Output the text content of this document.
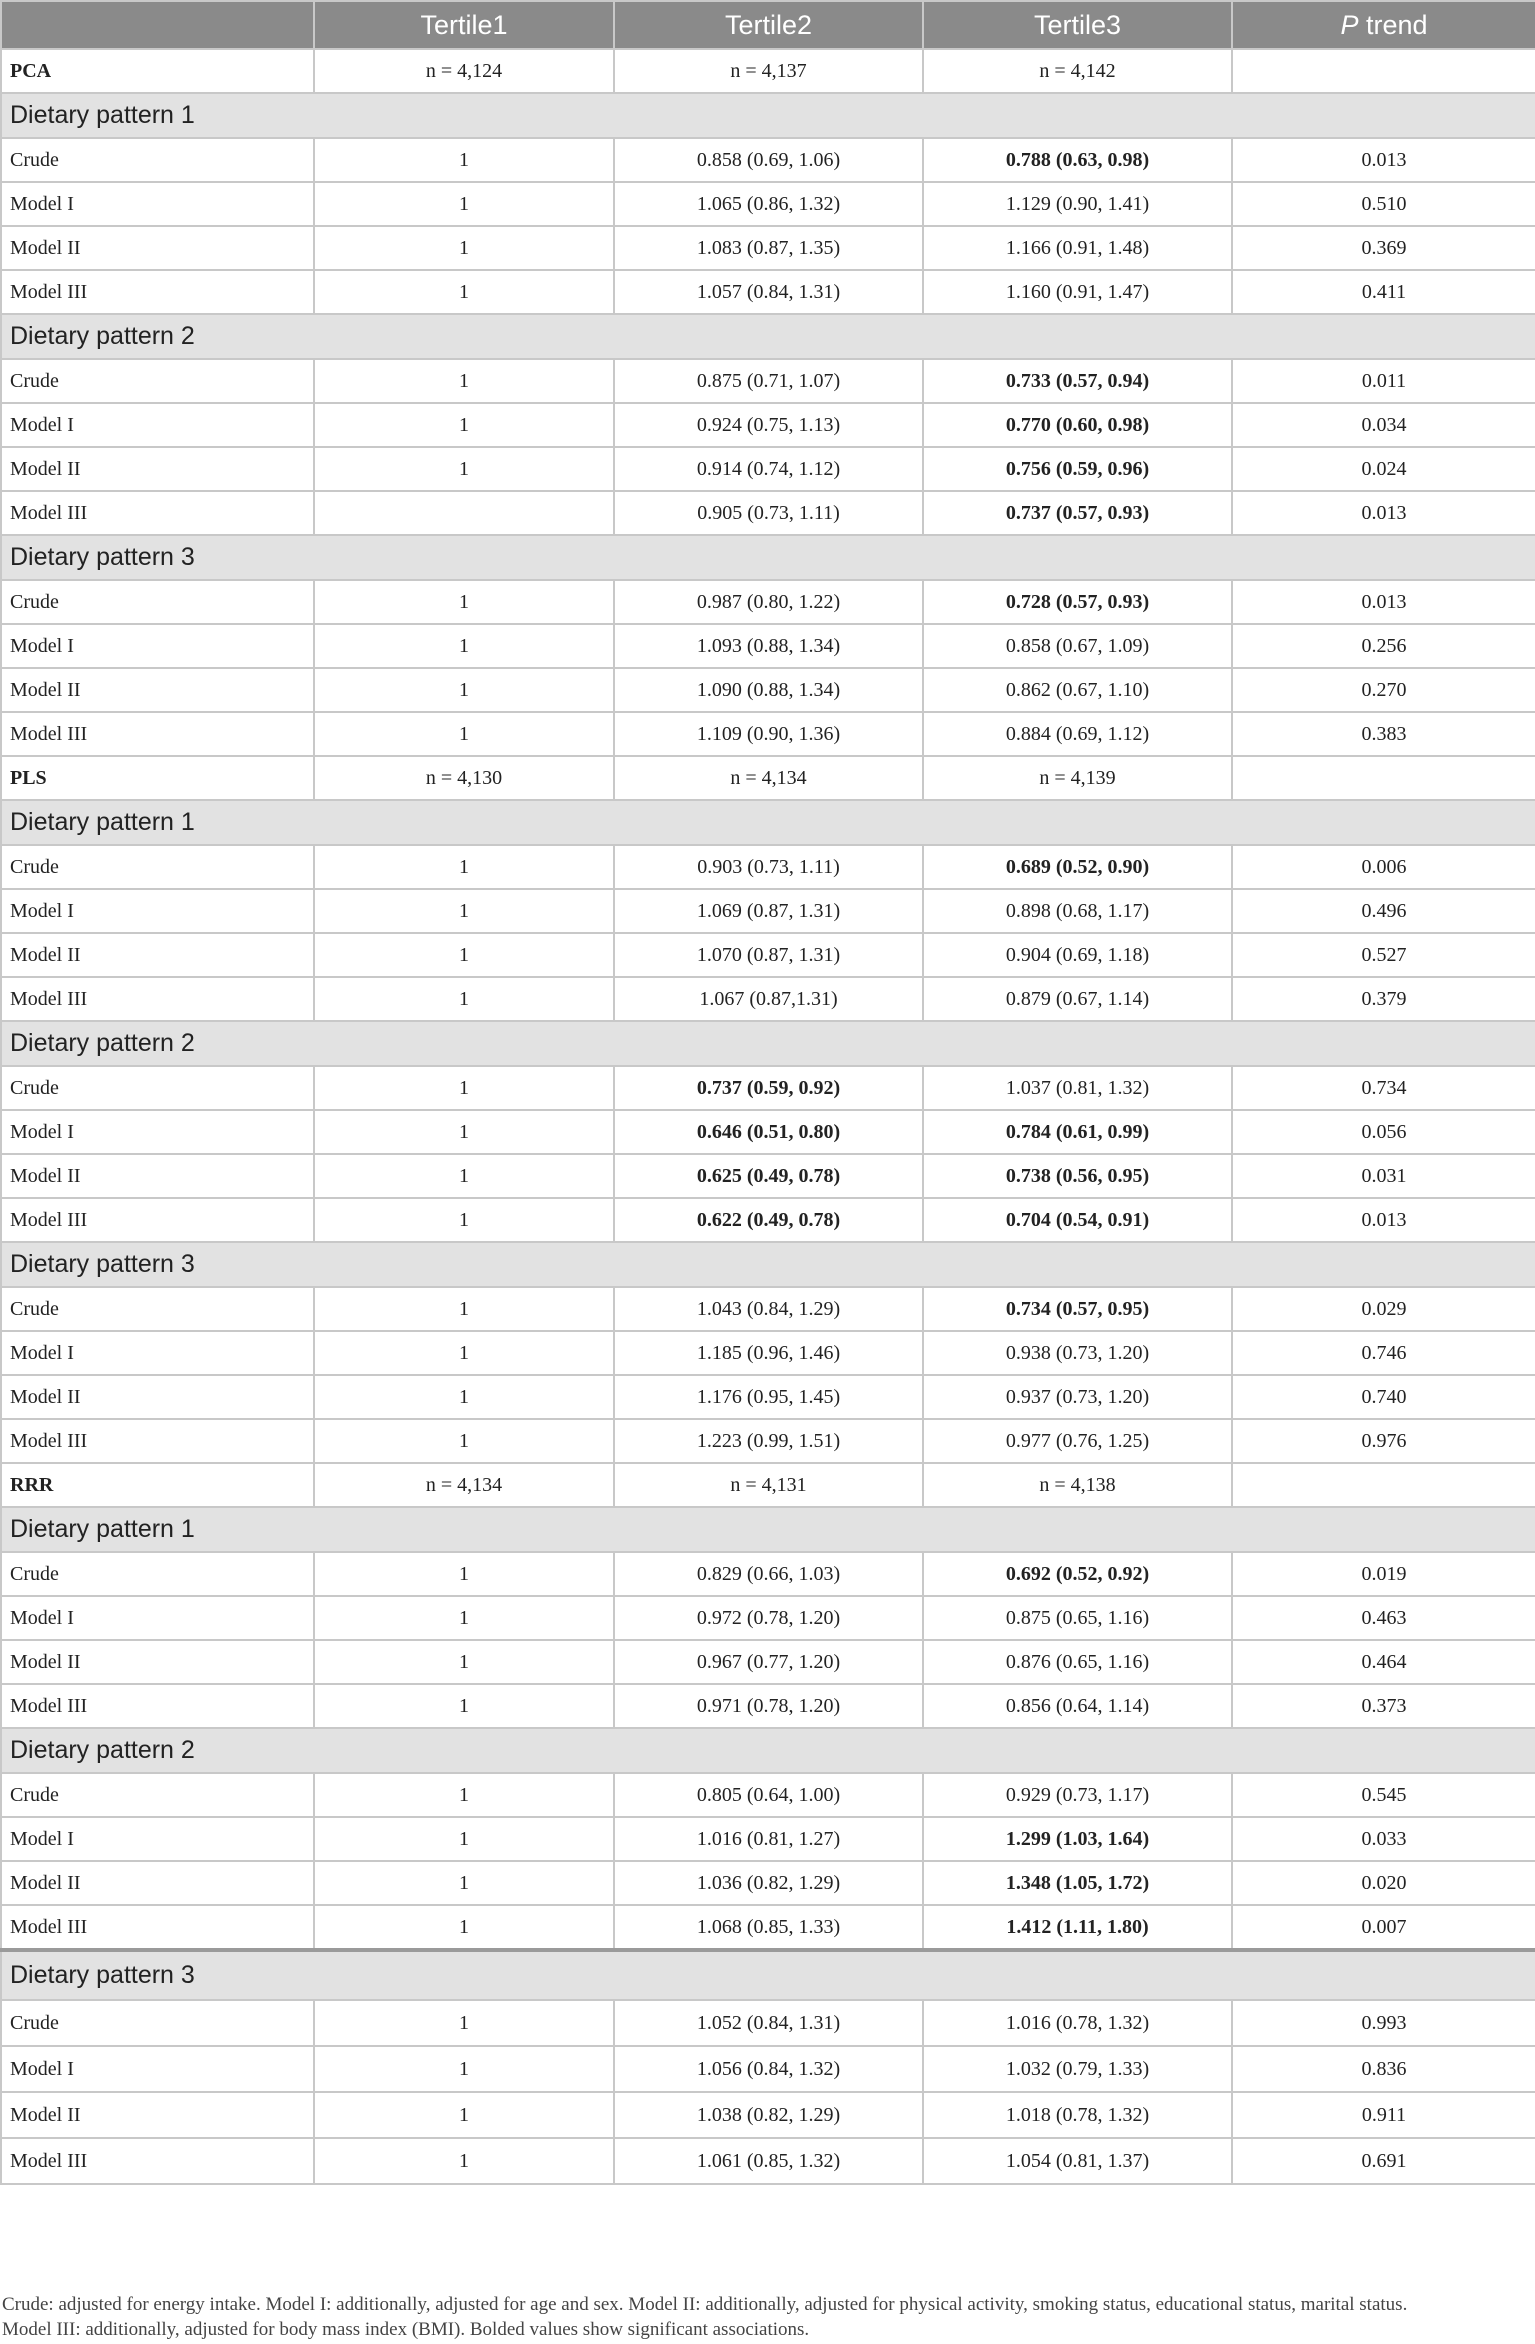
	Tertile1	Tertile2	Tertile3	P trend
PCA	n = 4,124	n = 4,137	n = 4,142	
Dietary pattern 1				
Crude	1	0.858 (0.69, 1.06)	0.788 (0.63, 0.98)	0.013
Model I	1	1.065 (0.86, 1.32)	1.129 (0.90, 1.41)	0.510
Model II	1	1.083 (0.87, 1.35)	1.166 (0.91, 1.48)	0.369
Model III	1	1.057 (0.84, 1.31)	1.160 (0.91, 1.47)	0.411
Dietary pattern 2				
Crude	1	0.875 (0.71, 1.07)	0.733 (0.57, 0.94)	0.011
Model I	1	0.924 (0.75, 1.13)	0.770 (0.60, 0.98)	0.034
Model II	1	0.914 (0.74, 1.12)	0.756 (0.59, 0.96)	0.024
Model III		0.905 (0.73, 1.11)	0.737 (0.57, 0.93)	0.013
Dietary pattern 3				
Crude	1	0.987 (0.80, 1.22)	0.728 (0.57, 0.93)	0.013
Model I	1	1.093 (0.88, 1.34)	0.858 (0.67, 1.09)	0.256
Model II	1	1.090 (0.88, 1.34)	0.862 (0.67, 1.10)	0.270
Model III	1	1.109 (0.90, 1.36)	0.884 (0.69, 1.12)	0.383
PLS	n = 4,130	n = 4,134	n = 4,139	
Dietary pattern 1				
Crude	1	0.903 (0.73, 1.11)	0.689 (0.52, 0.90)	0.006
Model I	1	1.069 (0.87, 1.31)	0.898 (0.68, 1.17)	0.496
Model II	1	1.070 (0.87, 1.31)	0.904 (0.69, 1.18)	0.527
Model III	1	1.067 (0.87,1.31)	0.879 (0.67, 1.14)	0.379
Dietary pattern 2				
Crude	1	0.737 (0.59, 0.92)	1.037 (0.81, 1.32)	0.734
Model I	1	0.646 (0.51, 0.80)	0.784 (0.61, 0.99)	0.056
Model II	1	0.625 (0.49, 0.78)	0.738 (0.56, 0.95)	0.031
Model III	1	0.622 (0.49, 0.78)	0.704 (0.54, 0.91)	0.013
Dietary pattern 3				
Crude	1	1.043 (0.84, 1.29)	0.734 (0.57, 0.95)	0.029
Model I	1	1.185 (0.96, 1.46)	0.938 (0.73, 1.20)	0.746
Model II	1	1.176 (0.95, 1.45)	0.937 (0.73, 1.20)	0.740
Model III	1	1.223 (0.99, 1.51)	0.977 (0.76, 1.25)	0.976
RRR	n = 4,134	n = 4,131	n = 4,138	
Dietary pattern 1				
Crude	1	0.829 (0.66, 1.03)	0.692 (0.52, 0.92)	0.019
Model I	1	0.972 (0.78, 1.20)	0.875 (0.65, 1.16)	0.463
Model II	1	0.967 (0.77, 1.20)	0.876 (0.65, 1.16)	0.464
Model III	1	0.971 (0.78, 1.20)	0.856 (0.64, 1.14)	0.373
Dietary pattern 2				
Crude	1	0.805 (0.64, 1.00)	0.929 (0.73, 1.17)	0.545
Model I	1	1.016 (0.81, 1.27)	1.299 (1.03, 1.64)	0.033
Model II	1	1.036 (0.82, 1.29)	1.348 (1.05, 1.72)	0.020
Model III	1	1.068 (0.85, 1.33)	1.412 (1.11, 1.80)	0.007
Dietary pattern 3				
Crude	1	1.052 (0.84, 1.31)	1.016 (0.78, 1.32)	0.993
Model I	1	1.056 (0.84, 1.32)	1.032 (0.79, 1.33)	0.836
Model II	1	1.038 (0.82, 1.29)	1.018 (0.78, 1.32)	0.911
Model III	1	1.061 (0.85, 1.32)	1.054 (0.81, 1.37)	0.691

Crude: adjusted for energy intake. Model I: additionally, adjusted for age and sex. Model II: additionally, adjusted for physical activity, smoking status, educational status, marital status.

Model III: additionally, adjusted for body mass index (BMI). Bolded values show significant associations.
